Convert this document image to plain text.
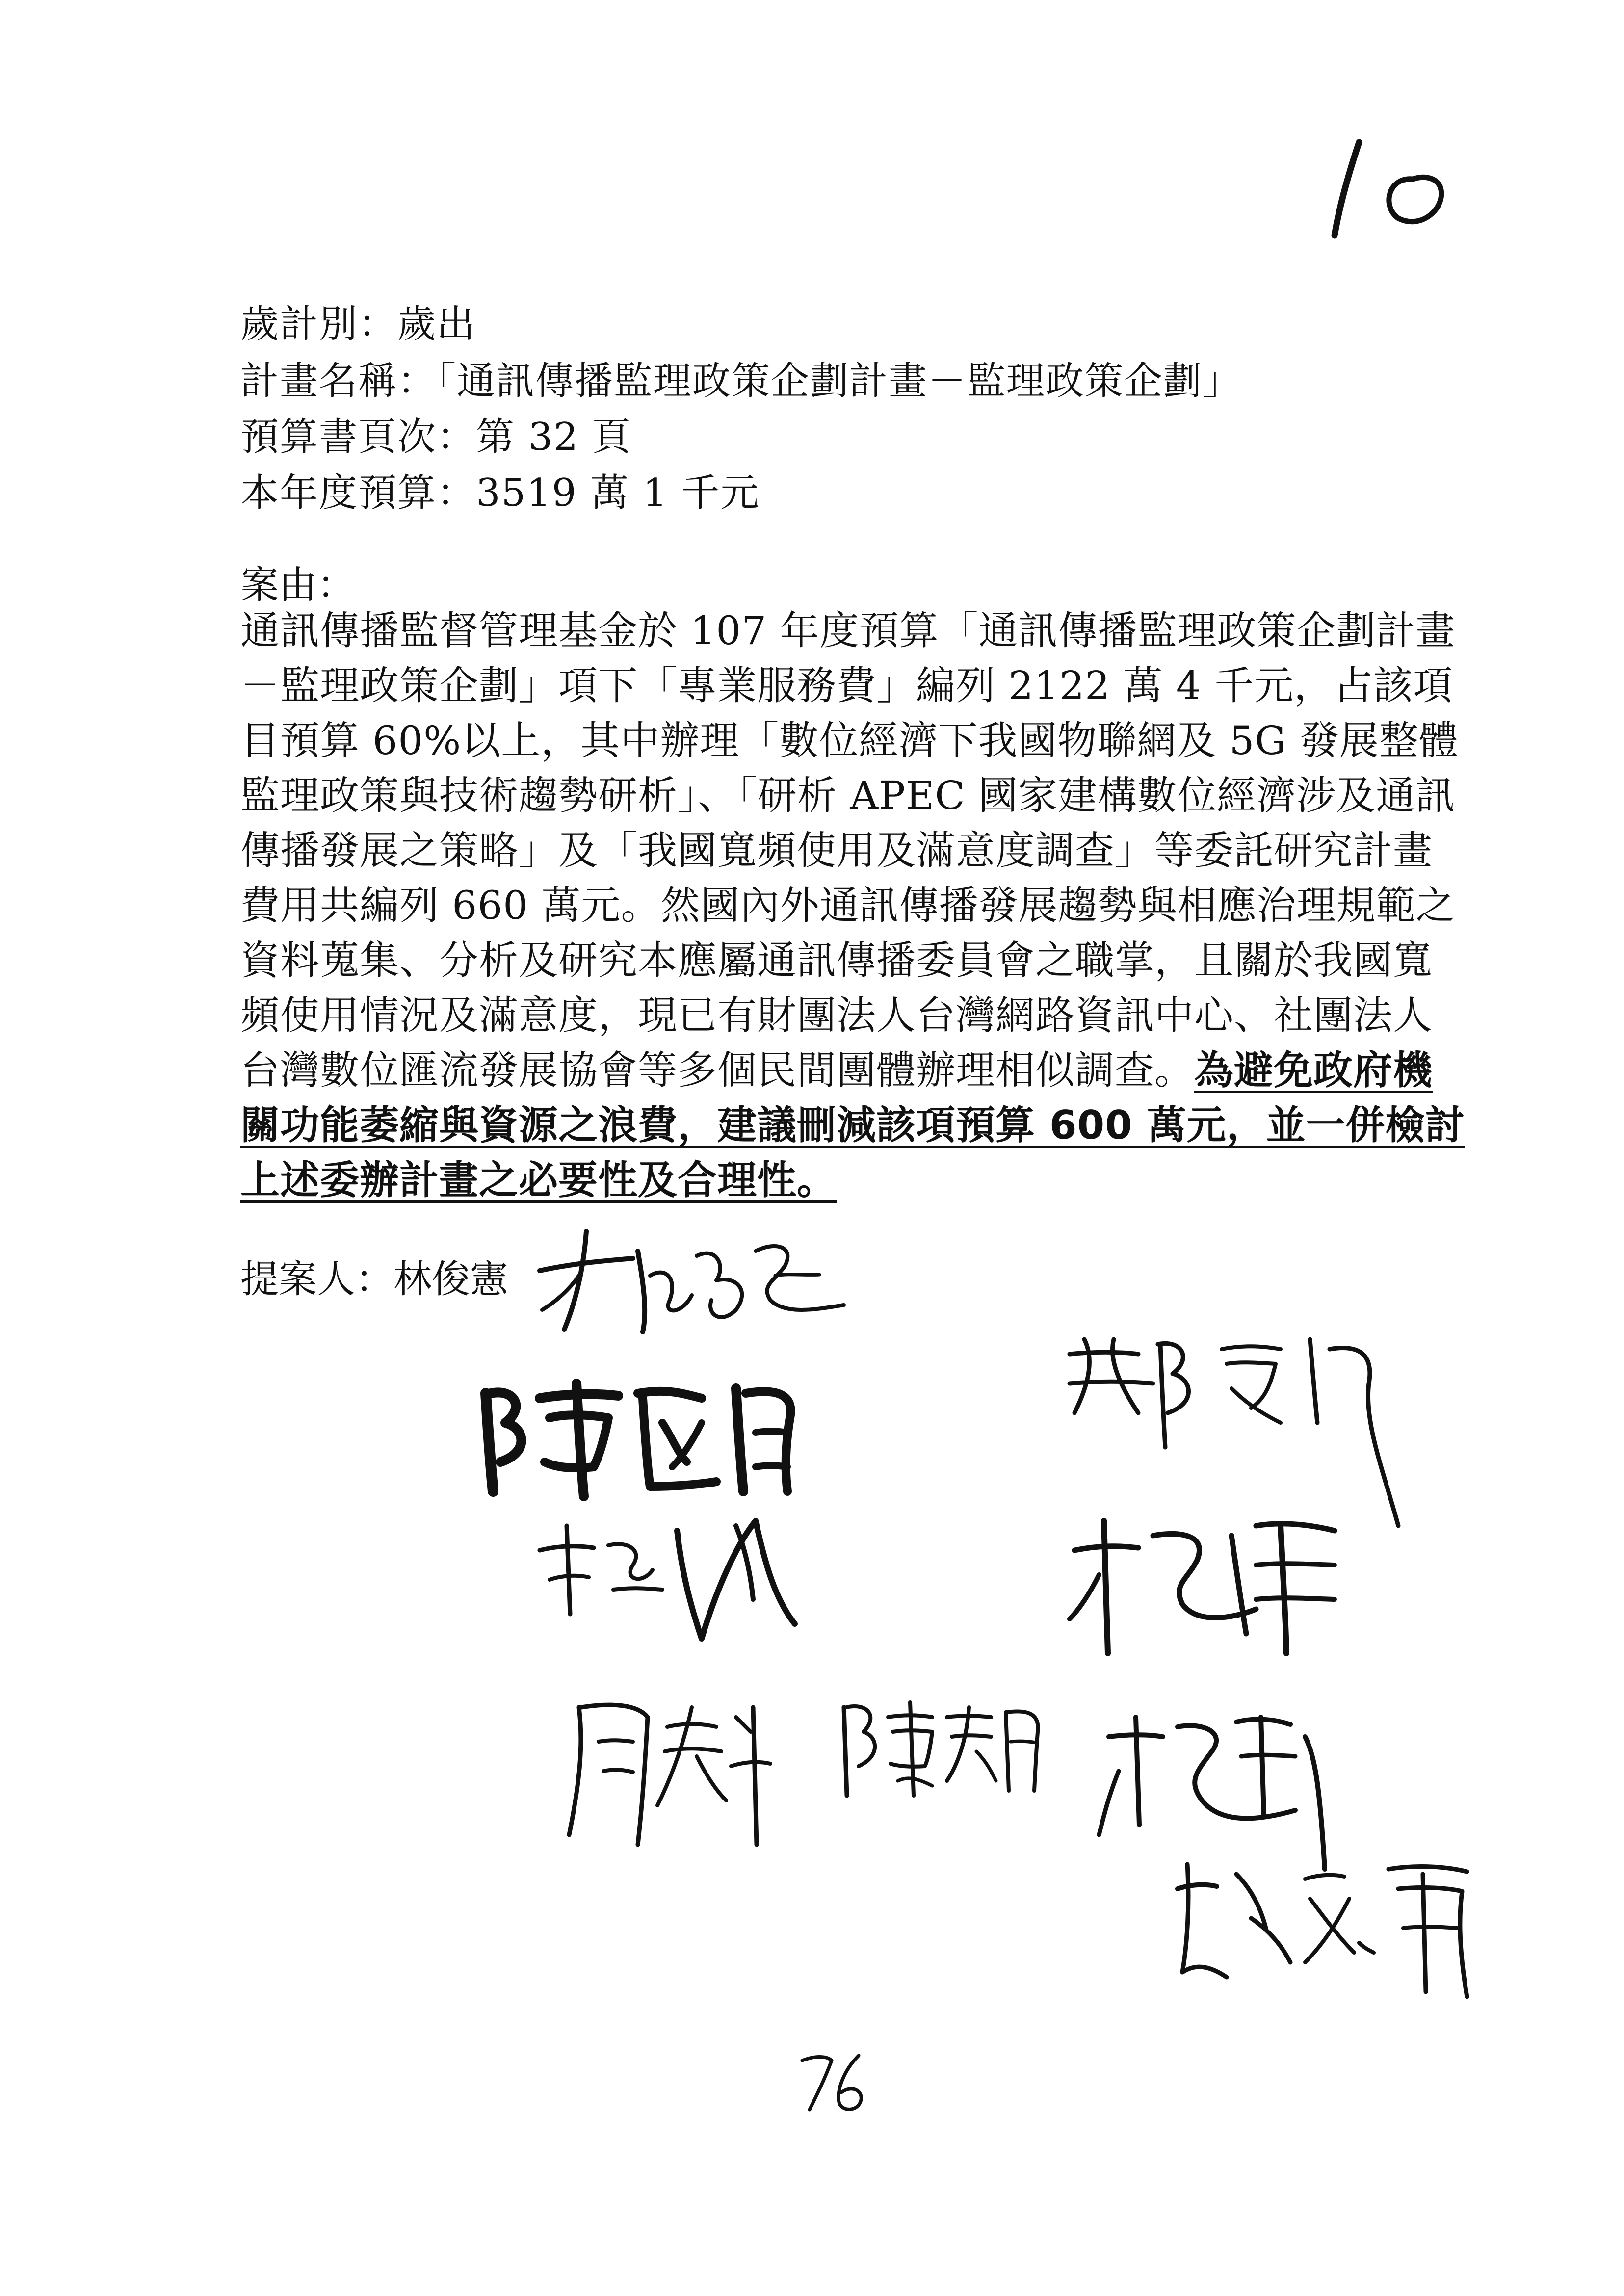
歲計別：歲出
計畫名稱：「通訊傳播監理政策企劃計畫－監理政策企劃」
預算書頁次：第 32 頁
本年度預算：3519 萬 1 千元
案由：
通訊傳播監督管理基金於 107 年度預算「通訊傳播監理政策企劃計畫
－監理政策企劃」項下「專業服務費」編列 2122 萬 4 千元，占該項
目預算 60%以上，其中辦理「數位經濟下我國物聯網及 5G 發展整體
監理政策與技術趨勢研析」、「研析 APEC 國家建構數位經濟涉及通訊
傳播發展之策略」及「我國寬頻使用及滿意度調查」等委託研究計畫
費用共編列 660 萬元。然國內外通訊傳播發展趨勢與相應治理規範之
資料蒐集、分析及研究本應屬通訊傳播委員會之職掌，且關於我國寬
頻使用情況及滿意度，現已有財團法人台灣網路資訊中心、社團法人
台灣數位匯流發展協會等多個民間團體辦理相似調查。為避免政府機
關功能萎縮與資源之浪費，建議刪減該項預算 600 萬元，並一併檢討
上述委辦計畫之必要性及合理性。
提案人：林俊憲
